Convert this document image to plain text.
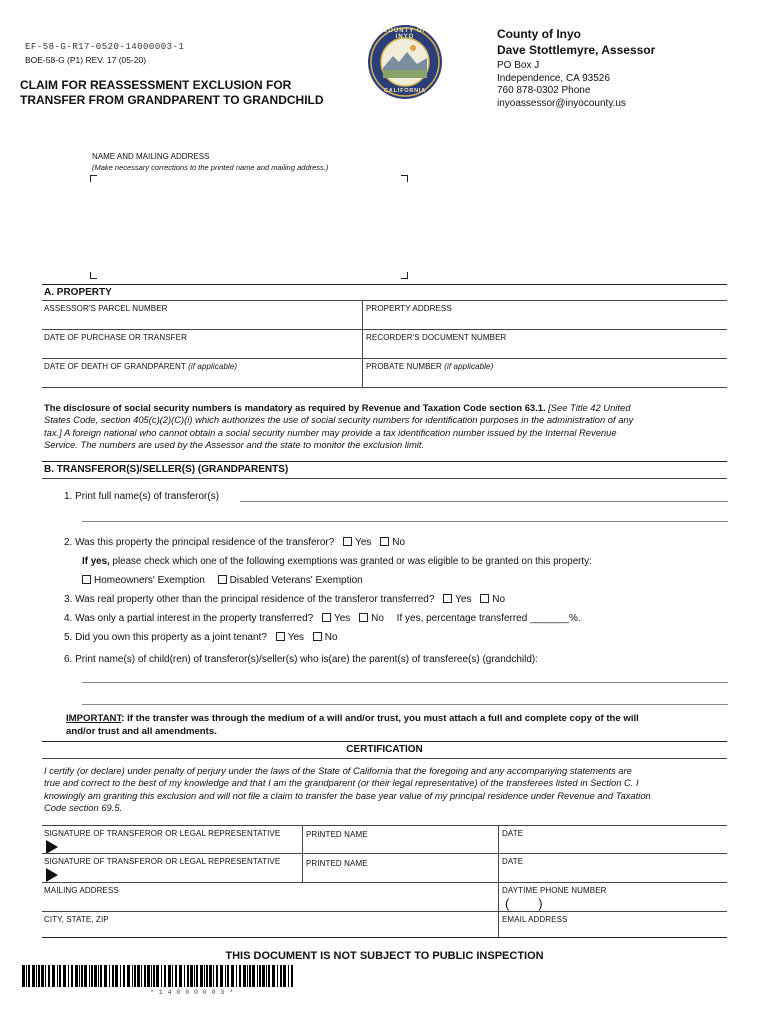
EF-58-G-R17-0520-14000003-1
BOE-58-G (P1) REV. 17 (05-20)
CLAIM FOR REASSESSMENT EXCLUSION FOR
TRANSFER FROM GRANDPARENT TO GRANDCHILD
COUNTY OF INYO
CALIFORNIA
County of Inyo
Dave Stottlemyre, Assessor
PO Box J
Independence, CA 93526
760 878-0302 Phone
inyoassessor@inyocounty.us
NAME AND MAILING ADDRESS
(Make necessary corrections to the printed name and mailing address.)
A. PROPERTY
ASSESSOR'S PARCEL NUMBER	PROPERTY ADDRESS
DATE OF PURCHASE OR TRANSFER	RECORDER'S DOCUMENT NUMBER
DATE OF DEATH OF GRANDPARENT (if applicable)	PROBATE NUMBER (if applicable)
The disclosure of social security numbers is mandatory as required by Revenue and Taxation Code section 63.1. [See Title 42 United
States Code, section 405(c)(2)(C)(i) which authorizes the use of social security numbers for identification purposes in the administration of any
tax.] A foreign national who cannot obtain a social security number may provide a tax identification number issued by the Internal Revenue
Service. The numbers are used by the Assessor and the state to monitor the exclusion limit.
B. TRANSFEROR(S)/SELLER(S) (GRANDPARENTS)
1. Print full name(s) of transferor(s)
2. Was this property the principal residence of the transferor? Yes No
If yes, please check which one of the following exemptions was granted or was eligible to be granted on this property:
Homeowners' Exemption Disabled Veterans' Exemption
3. Was real property other than the principal residence of the transferor transferred? Yes No
4. Was only a partial interest in the property transferred? Yes No If yes, percentage transferred _______%.
5. Did you own this property as a joint tenant? Yes No
6. Print name(s) of child(ren) of transferor(s)/seller(s) who is(are) the parent(s) of transferee(s) (grandchild):
IMPORTANT: If the transfer was through the medium of a will and/or trust, you must attach a full and complete copy of the will
and/or trust and all amendments.
CERTIFICATION
I certify (or declare) under penalty of perjury under the laws of the State of California that the foregoing and any accompanying statements are
true and correct to the best of my knowledge and that I am the grandparent (or their legal representative) of the transferees listed in Section C. I
knowingly am granting this exclusion and will not file a claim to transfer the base year value of my principal residence under Revenue and Taxation
Code section 69.5.
SIGNATURE OF TRANSFEROR OR LEGAL REPRESENTATIVE	PRINTED NAME	DATE
SIGNATURE OF TRANSFEROR OR LEGAL REPRESENTATIVE	PRINTED NAME	DATE
MAILING ADDRESS	DAYTIME PHONE NUMBER
(        )
CITY, STATE, ZIP	EMAIL ADDRESS
THIS DOCUMENT IS NOT SUBJECT TO PUBLIC INSPECTION
* 1 4 0 0 0 0 0 3 *
